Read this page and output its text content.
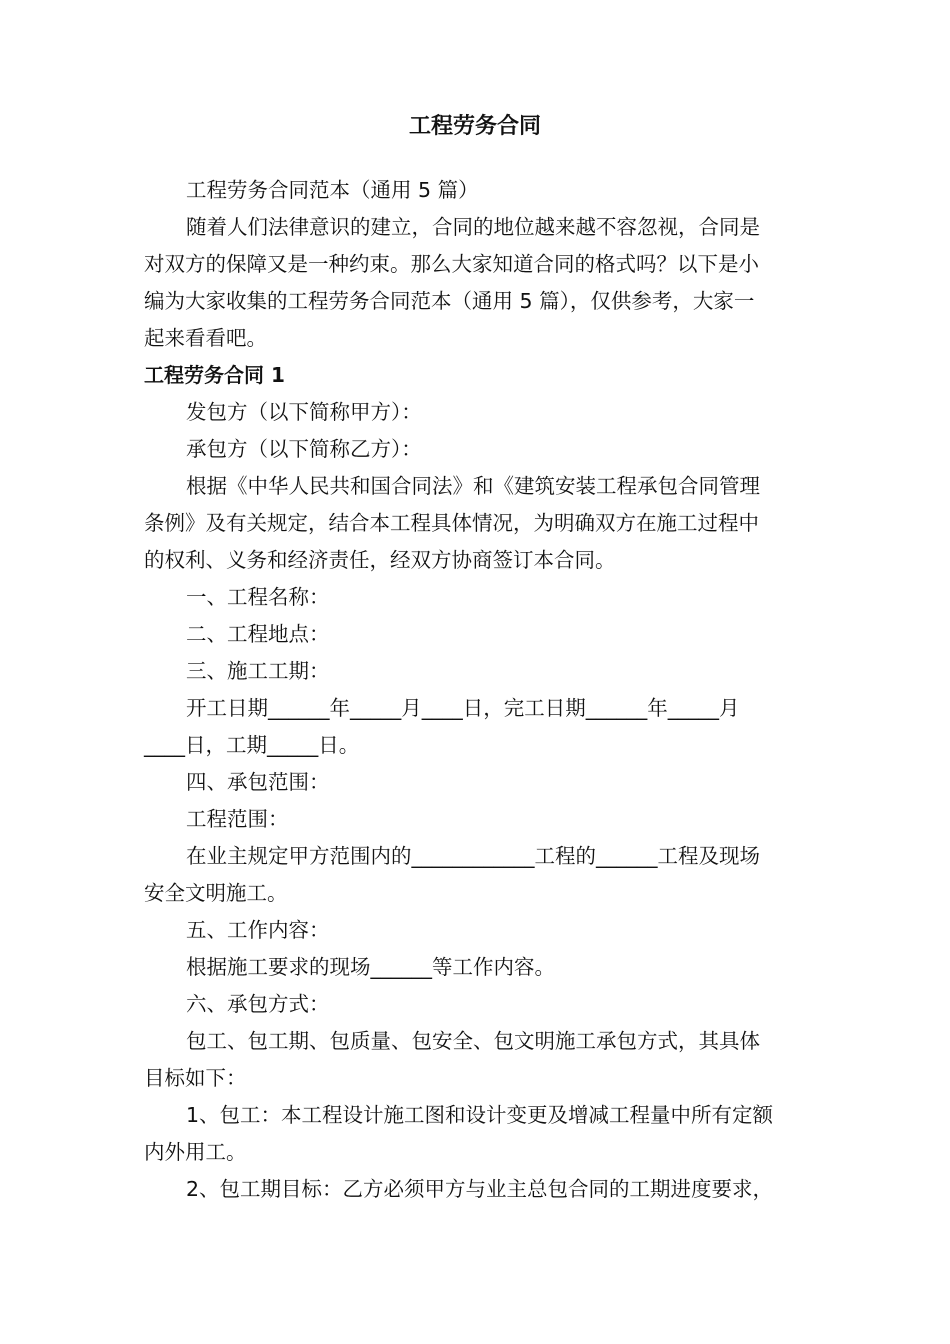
工程劳务合同
工程劳务合同范本（通用 5 篇）
随着人们法律意识的建立，合同的地位越来越不容忽视，合同是
对双方的保障又是一种约束。那么大家知道合同的格式吗？以下是小
编为大家收集的工程劳务合同范本（通用 5 篇），仅供参考，大家一
起来看看吧。
工程劳务合同 1
发包方（以下简称甲方）：
承包方（以下简称乙方）：
根据《中华人民共和国合同法》和《建筑安装工程承包合同管理
条例》及有关规定，结合本工程具体情况，为明确双方在施工过程中
的权利、义务和经济责任，经双方协商签订本合同。
一、工程名称：
二、工程地点：
三、施工工期：
开工日期______年_____月____日，完工日期______年_____月
____日，工期_____日。
四、承包范围：
工程范围：
在业主规定甲方范围内的____________工程的______工程及现场
安全文明施工。
五、工作内容：
根据施工要求的现场______等工作内容。
六、承包方式：
包工、包工期、包质量、包安全、包文明施工承包方式，其具体
目标如下：
1、包工：本工程设计施工图和设计变更及增减工程量中所有定额
内外用工。
2、包工期目标：乙方必须甲方与业主总包合同的工期进度要求，
